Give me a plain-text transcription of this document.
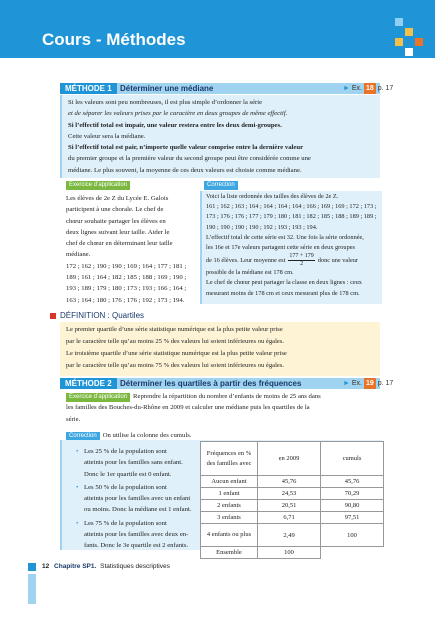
Cours - Méthodes
MÉTHODE 1	Déterminer une médiane	► Ex. 18 p. 17
Si les valeurs sont peu nombreuses, il est plus simple d’ordonner la série
et de séparer les valeurs prises par le caractère en deux groupes de même effectif.
Si l’effectif total est impair, une valeur restera entre les deux demi-groupes.
Cette valeur sera la médiane.
Si l’effectif total est pair, n’importe quelle valeur comprise entre la dernière valeur
du premier groupe et la première valeur du second groupe peut être considérée comme une
médiane. Le plus souvent, la moyenne de ces deux valeurs est choisie comme médiane.
Exercice d’application
Les élèves de 2e Z du Lycée E. Galois
participent à une chorale. Le chef de
chœur souhaite partager les élèves en
deux lignes suivant leur taille. Aider le
chef de chœur en déterminant leur taille
médiane.
172 ; 162 ; 190 ; 190 ; 169 ; 164 ; 177 ; 181 ;
189 ; 161 ; 164 ; 182 ; 185 ; 188 ; 169 ; 190 ;
193 ; 189 ; 179 ; 180 ; 173 ; 193 ; 166 ; 164 ;
163 ; 164 ; 180 ; 176 ; 176 ; 192 ; 173 ; 194.
Correction
Voici la liste ordonnée des tailles des élèves de 2e Z.
161 ; 162 ; 163 ; 164 ; 164 ; 164 ; 164 ; 166 ; 169 ; 169 ; 172 ; 173 ;
173 ; 176 ; 176 ; 177 ; 179 ; 180 ; 181 ; 182 ; 185 ; 188 ; 189 ; 189 ;
190 ; 190 ; 190 ; 190 ; 192 ; 193 ; 193 ; 194.
L’effectif total de cette série est 32. Une fois la série ordonnée,
les 16e et 17e valeurs partagent cette série en deux groupes
de 16 élèves. Leur moyenne est $\frac{177 + 179}{2}$ donc une valeur
possible de la médiane est 178 cm.
Le chef de chœur peut partager la classe en deux lignes : ceux
mesurant moins de 178 cm et ceux mesurant plus de 178 cm.
DÉFINITION : Quartiles
Le premier quartile d’une série statistique numérique est la plus petite valeur prise
par le caractère telle qu’au moins 25 % des valeurs lui soient inférieures ou égales.
Le troisième quartile d’une série statistique numérique est la plus petite valeur prise
par le caractère telle qu’au moins 75 % des valeurs lui soient inférieures ou égales.
MÉTHODE 2	Déterminer les quartiles à partir des fréquences	► Ex. 19 p. 17
Exercice d’application Reprendre la répartition du nombre d’enfants de moins de 25 ans dans
les familles des Bouches-du-Rhône en 2009 et calculer une médiane puis les quartiles de la
série.
Correction On utilise la colonne des cumuls.
• Les 25 % de la population sont
atteints pour les familles sans enfant.
Donc le 1er quartile est 0 enfant.
• Les 50 % de la population sont
atteints pour les familles avec un enfant
ou moins. Donc la médiane est 1 enfant.
• Les 75 % de la population sont
atteints pour les familles avec deux en-
fants. Donc le 3e quartile est 2 enfants.
Fréquences en % des familles avec	en 2009	cumuls
Aucun enfant	45,76	45,76
1 enfant	24,53	70,29
2 enfants	20,51	90,80
3 enfants	6,71	97,51
4 enfants ou plus	2,49	100
Ensemble	100	
12 Chapitre SP1. Statistiques descriptives
